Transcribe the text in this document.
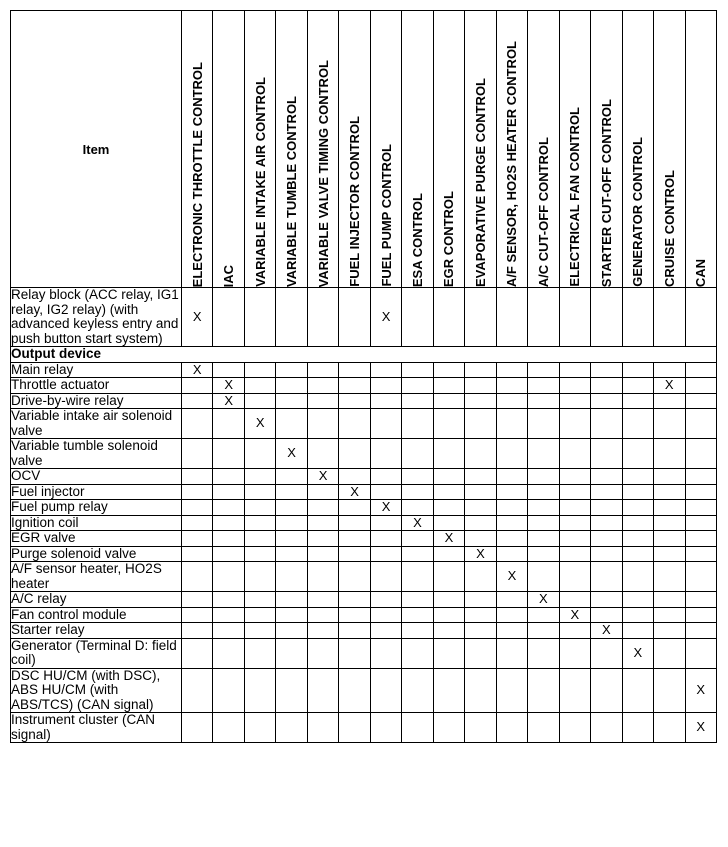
Item	ELECTRONIC THROTTLE CONTROL	IAC	VARIABLE INTAKE AIR CONTROL	VARIABLE TUMBLE CONTROL	VARIABLE VALVE TIMING CONTROL	FUEL INJECTOR CONTROL	FUEL PUMP CONTROL	ESA CONTROL	EGR CONTROL	EVAPORATIVE PURGE CONTROL	A/F SENSOR, HO2S HEATER CONTROL	A/C CUT-OFF CONTROL	ELECTRICAL FAN CONTROL	STARTER CUT-OFF CONTROL	GENERATOR CONTROL	CRUISE CONTROL	CAN
Relay block (ACC relay, IG1 relay, IG2 relay) (with advanced keyless entry and push button start system)	X						X										
Output device																	
Main relay	X																
Throttle actuator		X														X	
Drive-by-wire relay		X															
Variable intake air solenoid valve			X														
Variable tumble solenoid valve				X													
OCV					X												
Fuel injector						X											
Fuel pump relay							X										
Ignition coil								X									
EGR valve									X								
Purge solenoid valve										X							
A/F sensor heater, HO2S heater											X						
A/C relay												X					
Fan control module													X				
Starter relay														X			
Generator (Terminal D: field coil)															X		
DSC HU/CM (with DSC), ABS HU/CM (with ABS/TCS) (CAN signal)																	X
Instrument cluster (CAN signal)																	X
